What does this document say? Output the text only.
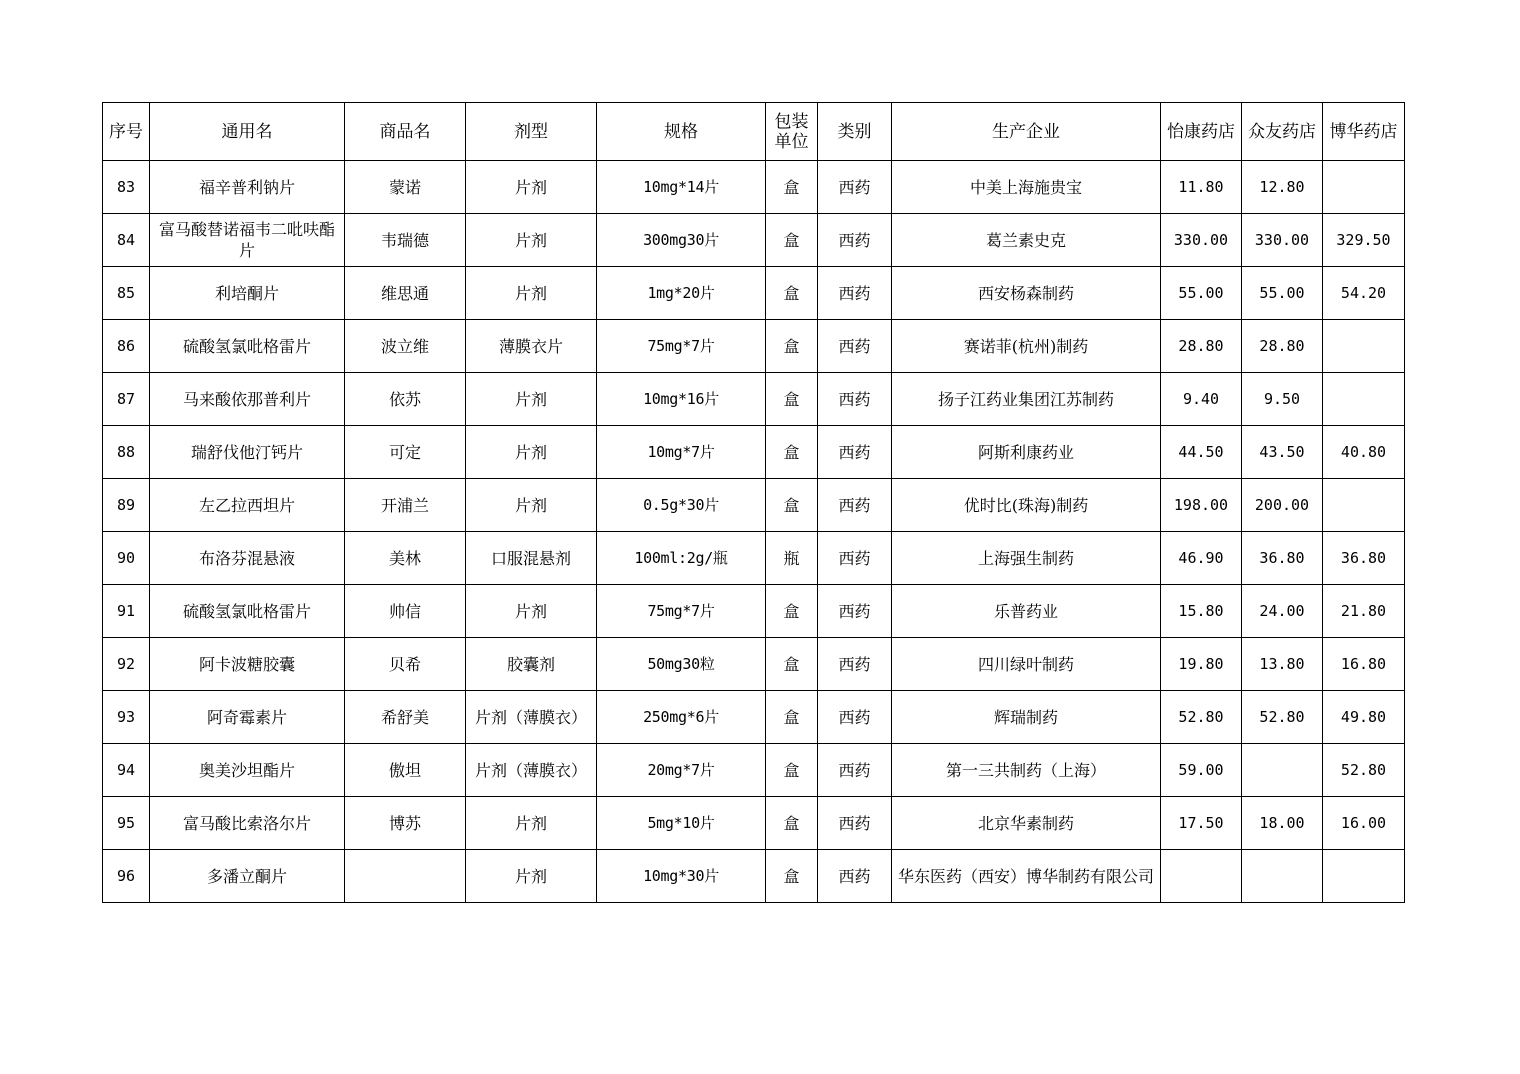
序号	通用名	商品名	剂型	规格	包装单位	类别	生产企业	怡康药店	众友药店	博华药店
83	福辛普利钠片	蒙诺	片剂	10mg*14片	盒	西药	中美上海施贵宝	11.80	12.80	
84	富马酸替诺福韦二吡呋酯片	韦瑞德	片剂	300mg30片	盒	西药	葛兰素史克	330.00	330.00	329.50
85	利培酮片	维思通	片剂	1mg*20片	盒	西药	西安杨森制药	55.00	55.00	54.20
86	硫酸氢氯吡格雷片	波立维	薄膜衣片	75mg*7片	盒	西药	赛诺菲(杭州)制药	28.80	28.80	
87	马来酸依那普利片	依苏	片剂	10mg*16片	盒	西药	扬子江药业集团江苏制药	9.40	9.50	
88	瑞舒伐他汀钙片	可定	片剂	10mg*7片	盒	西药	阿斯利康药业	44.50	43.50	40.80
89	左乙拉西坦片	开浦兰	片剂	0.5g*30片	盒	西药	优时比(珠海)制药	198.00	200.00	
90	布洛芬混悬液	美林	口服混悬剂	100ml:2g/瓶	瓶	西药	上海强生制药	46.90	36.80	36.80
91	硫酸氢氯吡格雷片	帅信	片剂	75mg*7片	盒	西药	乐普药业	15.80	24.00	21.80
92	阿卡波糖胶囊	贝希	胶囊剂	50mg30粒	盒	西药	四川绿叶制药	19.80	13.80	16.80
93	阿奇霉素片	希舒美	片剂（薄膜衣）	250mg*6片	盒	西药	辉瑞制药	52.80	52.80	49.80
94	奥美沙坦酯片	傲坦	片剂（薄膜衣）	20mg*7片	盒	西药	第一三共制药（上海）	59.00		52.80
95	富马酸比索洛尔片	博苏	片剂	5mg*10片	盒	西药	北京华素制药	17.50	18.00	16.00
96	多潘立酮片		片剂	10mg*30片	盒	西药	华东医药（西安）博华制药有限公司			
